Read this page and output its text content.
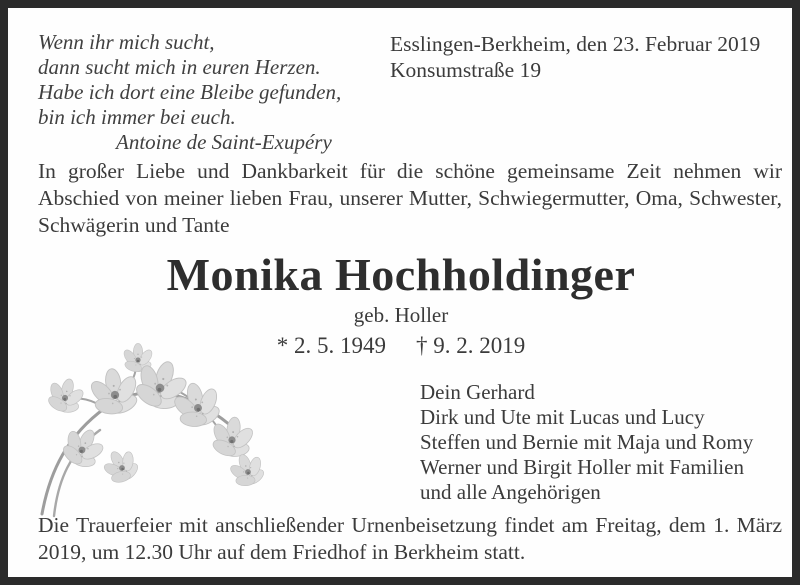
Wenn ihr mich sucht,
dann sucht mich in euren Herzen.
Habe ich dort eine Bleibe gefunden,
bin ich immer bei euch.
Antoine de Saint-Exupéry
Esslingen-Berkheim, den 23. Februar 2019
Konsumstraße 19
In großer Liebe und Dankbarkeit für die schöne gemeinsame Zeit nehmen wir Abschied von meiner lieben Frau, unserer Mutter, Schwiegermutter, Oma, Schwester, Schwägerin und Tante
Monika Hochholdinger
geb. Holler
* 2. 5. 1949 † 9. 2. 2019
Dein Gerhard
Dirk und Ute mit Lucas und Lucy
Steffen und Bernie mit Maja und Romy
Werner und Birgit Holler mit Familien
und alle Angehörigen
Die Trauerfeier mit anschließender Urnenbeisetzung findet am Freitag, dem 1. März 2019, um 12.30 Uhr auf dem Friedhof in Berkheim statt.
